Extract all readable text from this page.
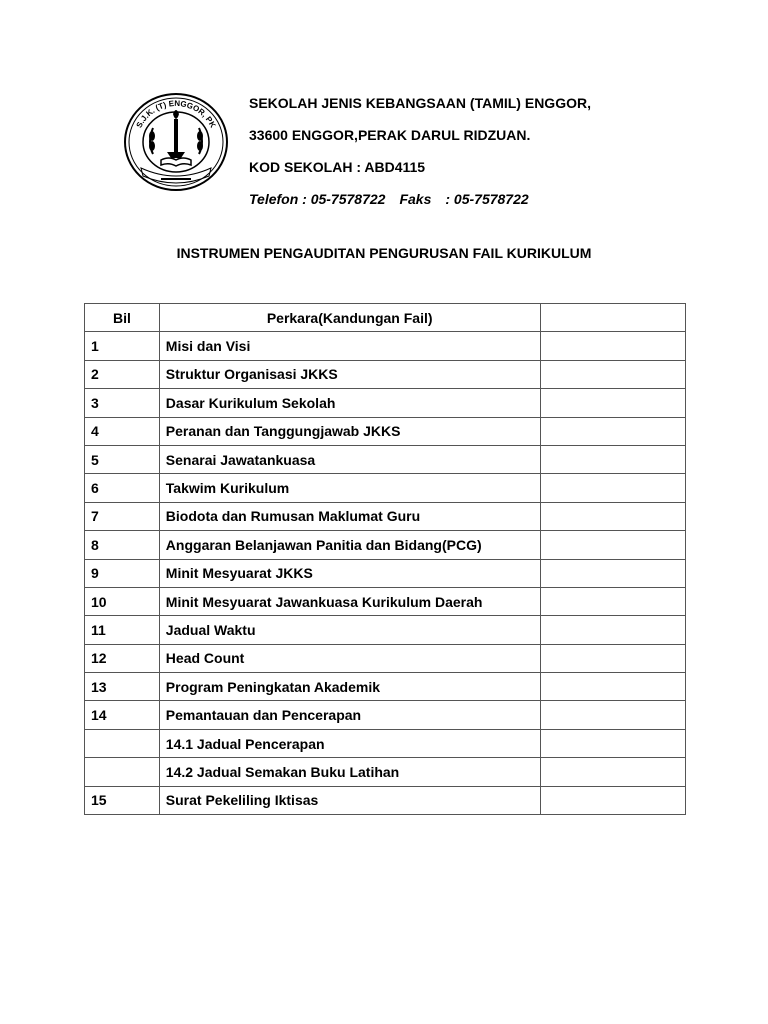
S.J.K. (T) ENGGOR, PK
SEKOLAH JENIS KEBANGSAAN (TAMIL) ENGGOR,
33600 ENGGOR,PERAK DARUL RIDZUAN.
KOD SEKOLAH : ABD4115
Telefon : 05-7578722 Faks : 05-7578722
INSTRUMEN PENGAUDITAN PENGURUSAN FAIL KURIKULUM
Bil	Perkara(Kandungan Fail)	
1	Misi dan Visi	
2	Struktur Organisasi JKKS	
3	Dasar Kurikulum Sekolah	
4	Peranan dan Tanggungjawab JKKS	
5	Senarai Jawatankuasa	
6	Takwim Kurikulum	
7	Biodota dan Rumusan Maklumat Guru	
8	Anggaran Belanjawan Panitia dan Bidang(PCG)	
9	Minit Mesyuarat JKKS	
10	Minit Mesyuarat Jawankuasa Kurikulum Daerah	
11	Jadual Waktu	
12	Head Count	
13	Program Peningkatan Akademik	
14	Pemantauan dan Pencerapan	
	14.1 Jadual Pencerapan	
	14.2 Jadual Semakan Buku Latihan	
15	Surat Pekeliling Iktisas	
